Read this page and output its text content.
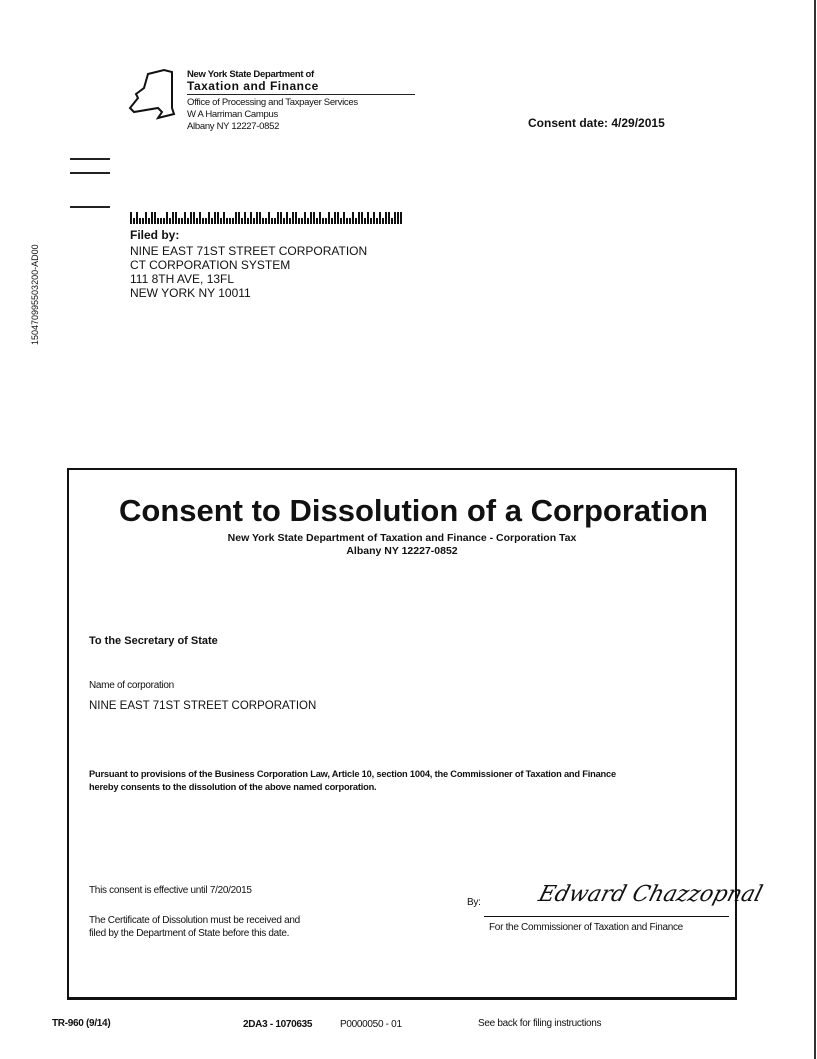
New York State Department of
Taxation and Finance
Office of Processing and Taxpayer Services
W A Harriman Campus
Albany NY 12227-0852	Consent date: 4/29/2015
150470995503200-AD00
Filed by:
NINE EAST 71ST STREET CORPORATION
CT CORPORATION SYSTEM
111 8TH AVE, 13FL
NEW YORK NY 10011
Consent to Dissolution of a Corporation
New York State Department of Taxation and Finance - Corporation Tax
Albany NY 12227-0852
To the Secretary of State
Name of corporation
NINE EAST 71ST STREET CORPORATION
Pursuant to provisions of the Business Corporation Law, Article 10, section 1004, the Commissioner of Taxation and Finance
hereby consents to the dissolution of the above named corporation.
This consent is effective until 7/20/2015
The Certificate of Dissolution must be received and
filed by the Department of State before this date.
By:	Edward Chazzopnal
For the Commissioner of Taxation and Finance
TR-960 (9/14)	2DA3 - 1070635	P0000050 - 01	See back for filing instructions
